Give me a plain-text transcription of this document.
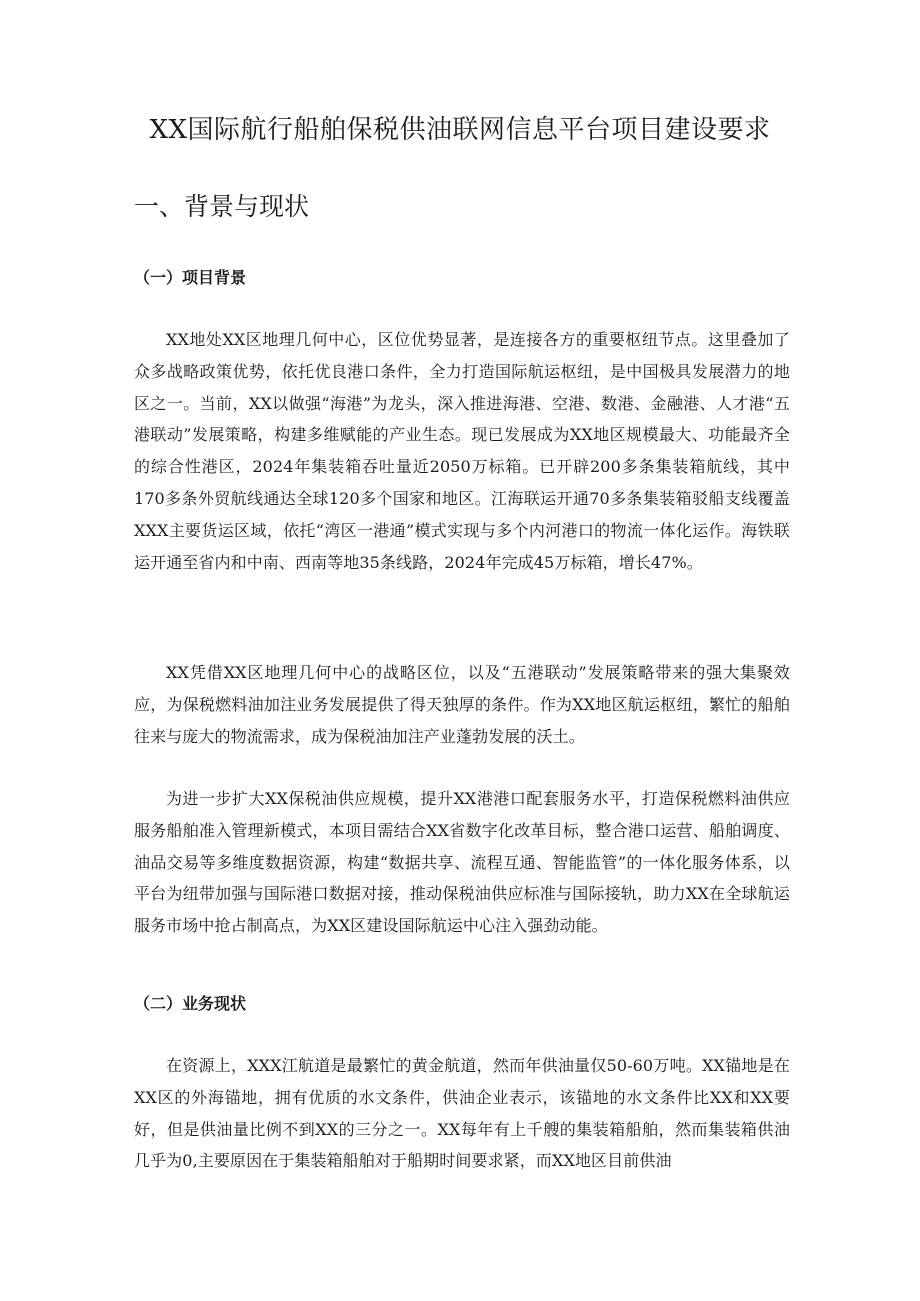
XX国际航行船舶保税供油联网信息平台项目建设要求
一、背景与现状
（一）项目背景

XX地处XX区地理几何中心，区位优势显著，是连接各方的重要枢纽节点。这里叠加了众多战略政策优势，依托优良港口条件，全力打造国际航运枢纽，是中国极具发展潜力的地区之一。当前，XX以做强“海港”为龙头，深入推进海港、空港、数港、金融港、人才港“五港联动”发展策略，构建多维赋能的产业生态。现已发展成为XX地区规模最大、功能最齐全的综合性港区，2024年集装箱吞吐量近2050万标箱。已开辟200多条集装箱航线，其中170多条外贸航线通达全球120多个国家和地区。江海联运开通70多条集装箱驳船支线覆盖XXX主要货运区域，依托“湾区一港通”模式实现与多个内河港口的物流一体化运作。海铁联运开通至省内和中南、西南等地35条线路，2024年完成45万标箱，增长47%。

XX凭借XX区地理几何中心的战略区位，以及“五港联动”发展策略带来的强大集聚效应，为保税燃料油加注业务发展提供了得天独厚的条件。作为XX地区航运枢纽，繁忙的船舶往来与庞大的物流需求，成为保税油加注产业蓬勃发展的沃土。

为进一步扩大XX保税油供应规模，提升XX港港口配套服务水平，打造保税燃料油供应服务船舶准入管理新模式，本项目需结合XX省数字化改革目标，整合港口运营、船舶调度、油品交易等多维度数据资源，构建“数据共享、流程互通、智能监管”的一体化服务体系，以平台为纽带加强与国际港口数据对接，推动保税油供应标准与国际接轨，助力XX在全球航运服务市场中抢占制高点，为XX区建设国际航运中心注入强劲动能。

（二）业务现状

在资源上，XXX江航道是最繁忙的黄金航道，然而年供油量仅50-60万吨。XX锚地是在XX区的外海锚地，拥有优质的水文条件，供油企业表示，该锚地的水文条件比XX和XX要好，但是供油量比例不到XX的三分之一。XX每年有上千艘的集装箱船舶，然而集装箱供油几乎为0,主要原因在于集装箱船舶对于船期时间要求紧，而XX地区目前供油
